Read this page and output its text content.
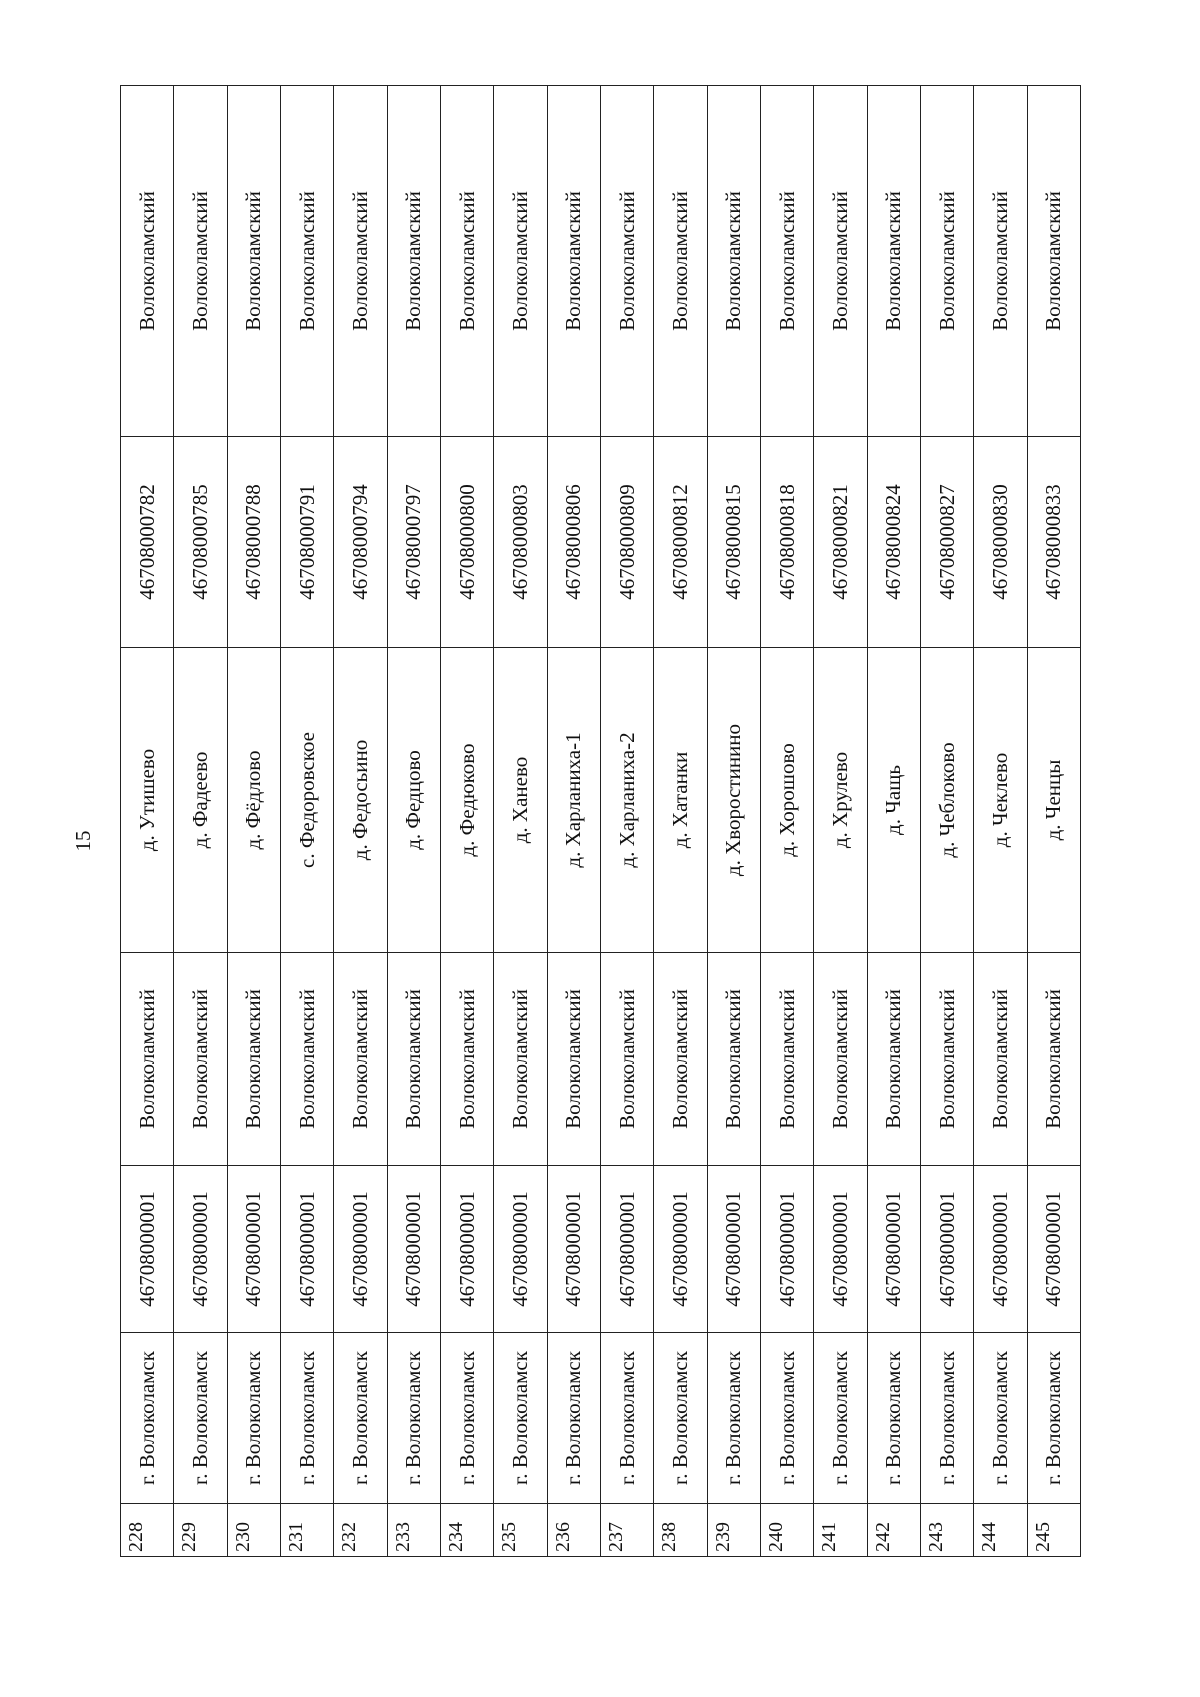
15
228	г. Волоколамск	46708000001	Волоколамский	д. Утишево	46708000782	Волоколамский
229	г. Волоколамск	46708000001	Волоколамский	д. Фадеево	46708000785	Волоколамский
230	г. Волоколамск	46708000001	Волоколамский	д. Фёдлово	46708000788	Волоколамский
231	г. Волоколамск	46708000001	Волоколамский	с. Федоровское	46708000791	Волоколамский
232	г. Волоколамск	46708000001	Волоколамский	д. Федосьино	46708000794	Волоколамский
233	г. Волоколамск	46708000001	Волоколамский	д. Федцово	46708000797	Волоколамский
234	г. Волоколамск	46708000001	Волоколамский	д. Федюково	46708000800	Волоколамский
235	г. Волоколамск	46708000001	Волоколамский	д. Ханево	46708000803	Волоколамский
236	г. Волоколамск	46708000001	Волоколамский	д. Харланиха-1	46708000806	Волоколамский
237	г. Волоколамск	46708000001	Волоколамский	д. Харланиха-2	46708000809	Волоколамский
238	г. Волоколамск	46708000001	Волоколамский	д. Хатанки	46708000812	Волоколамский
239	г. Волоколамск	46708000001	Волоколамский	д. Хворостинино	46708000815	Волоколамский
240	г. Волоколамск	46708000001	Волоколамский	д. Хорошово	46708000818	Волоколамский
241	г. Волоколамск	46708000001	Волоколамский	д. Хрулево	46708000821	Волоколамский
242	г. Волоколамск	46708000001	Волоколамский	д. Чащь	46708000824	Волоколамский
243	г. Волоколамск	46708000001	Волоколамский	д. Чеблоково	46708000827	Волоколамский
244	г. Волоколамск	46708000001	Волоколамский	д. Чеклево	46708000830	Волоколамский
245	г. Волоколамск	46708000001	Волоколамский	д. Ченцы	46708000833	Волоколамский
